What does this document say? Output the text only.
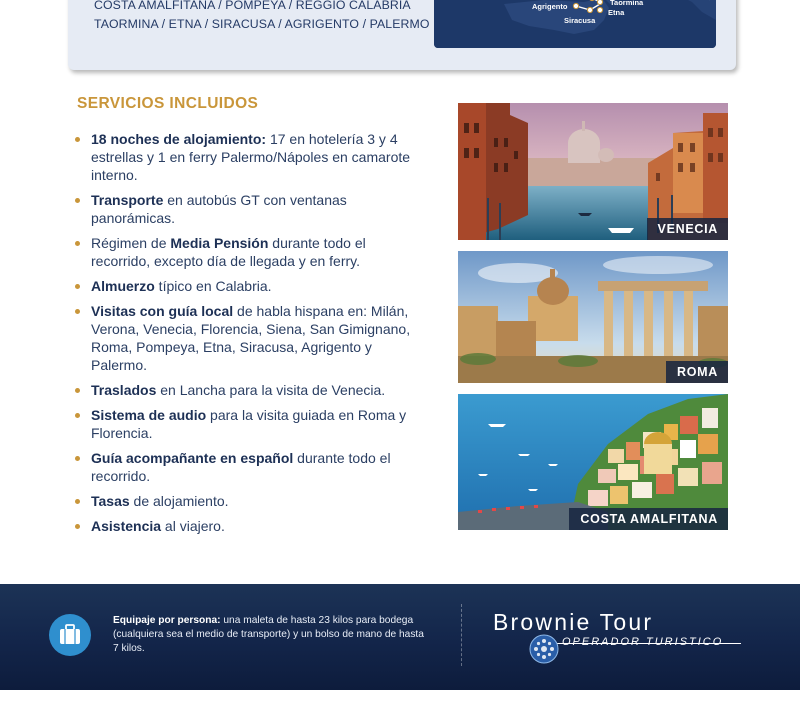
COSTA AMALFITANA / POMPEYA / REGGIO CALABRIA
TAORMINA / ETNA / SIRACUSA / AGRIGENTO / PALERMO
Agrigento	Taormina
Etna
Siracusa
SERVICIOS INCLUIDOS
18 noches de alojamiento: 17 en hotelería 3 y 4 estrellas y 1 en ferry Palermo/Nápoles en camarote interno.
Transporte en autobús GT con ventanas panorámicas.
Régimen de Media Pensión durante todo el recorrido, excepto día de llegada y en ferry.
Almuerzo típico en Calabria.
Visitas con guía local de habla hispana en: Milán, Verona, Venecia, Florencia, Siena, San Gimignano, Roma, Pompeya, Etna, Siracusa, Agrigento y Palermo.
Traslados en Lancha para la visita de Venecia.
Sistema de audio para la visita guiada en Roma y Florencia.
Guía acompañante en español durante todo el recorrido.
Tasas de alojamiento.
Asistencia al viajero.
VENECIA
ROMA
COSTA AMALFITANA
Equipaje por persona: una maleta de hasta 23 kilos para bodega (cualquiera sea el medio de transporte) y un bolso de mano de hasta 7 kilos.
Brownie Tour
OPERADOR TURISTICO
